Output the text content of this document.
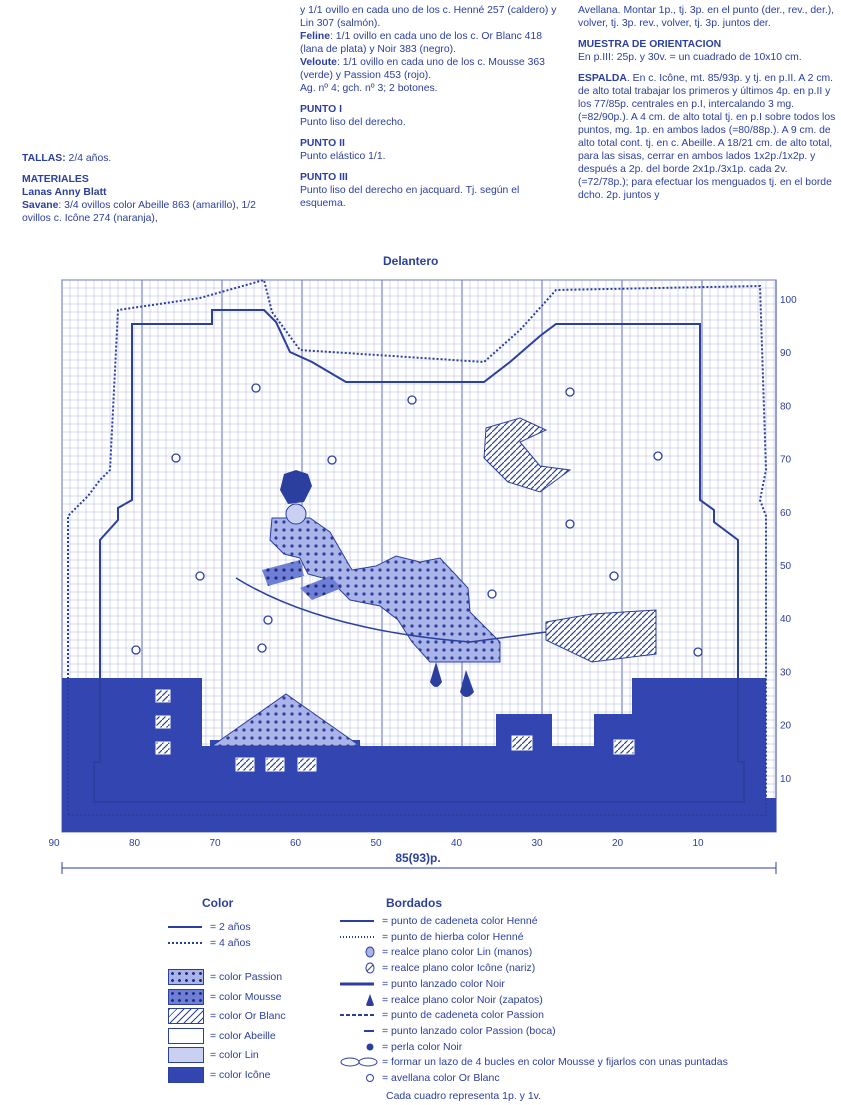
TALLAS: 2/4 años.

MATERIALES
Lanas Anny Blatt
Savane: 3/4 ovillos color Abeille 863 (amarillo), 1/2 ovillos c. Icône 274 (naranja),
y 1/1 ovillo en cada uno de los c. Henné 257 (caldero) y Lin 307 (salmón).
Feline: 1/1 ovillo en cada uno de los c. Or Blanc 418 (lana de plata) y Noir 383 (negro).
Veloute: 1/1 ovillo en cada uno de los c. Mousse 363 (verde) y Passion 453 (rojo).

Ag. nº 4; gch. nº 3; 2 botones.

PUNTO I

Punto liso del derecho.

PUNTO II

Punto elástico 1/1.

PUNTO III
Punto liso del derecho en jacquard. Tj. según el esquema.

Avellana. Montar 1p., tj. 3p. en el punto (der., rev., der.), volver, tj. 3p. rev., volver, tj. 3p. juntos der.

MUESTRA DE ORIENTACION

En p.III: 25p. y 30v. = un cuadrado de 10x10 cm.

ESPALDA. En c. Icône, mt. 85/93p. y tj. en p.II. A 2 cm. de alto total trabajar los primeros y últimos 4p. en p.II y los 77/85p. centrales en p.I, intercalando 3 mg. (=82/90p.). A 4 cm. de alto total tj. en p.I sobre todos los puntos, mg. 1p. en ambos lados (=80/88p.). A 9 cm. de alto total cont. tj. en c. Abeille. A 18/21 cm. de alto total, para las sisas, cerrar en ambos lados 1x2p./1x2p. y después a 2p. del borde 2x1p./3x1p. cada 2v. (=72/78p.); para efectuar los menguados tj. en el borde dcho. 2p. juntos y
Delantero
90	80	70	60	50	40	30	20	10
100
90
80
70
60
50
40
30
20
10
85(93)p.
Color
= 2 años
= 4 años
= color Passion
= color Mousse
= color Or Blanc
= color Abeille
= color Lin
= color Icône
Bordados
= punto de cadeneta color Henné
= punto de hierba color Henné
= realce plano color Lin (manos)
= realce plano color Icône (nariz)
= punto lanzado color Noir
= realce plano color Noir (zapatos)
= punto de cadeneta color Passion
= punto lanzado color Passion (boca)
= perla color Noir
= formar un lazo de 4 bucles en color Mousse y fijarlos con unas puntadas
= avellana color Or Blanc
Cada cuadro representa 1p. y 1v.
